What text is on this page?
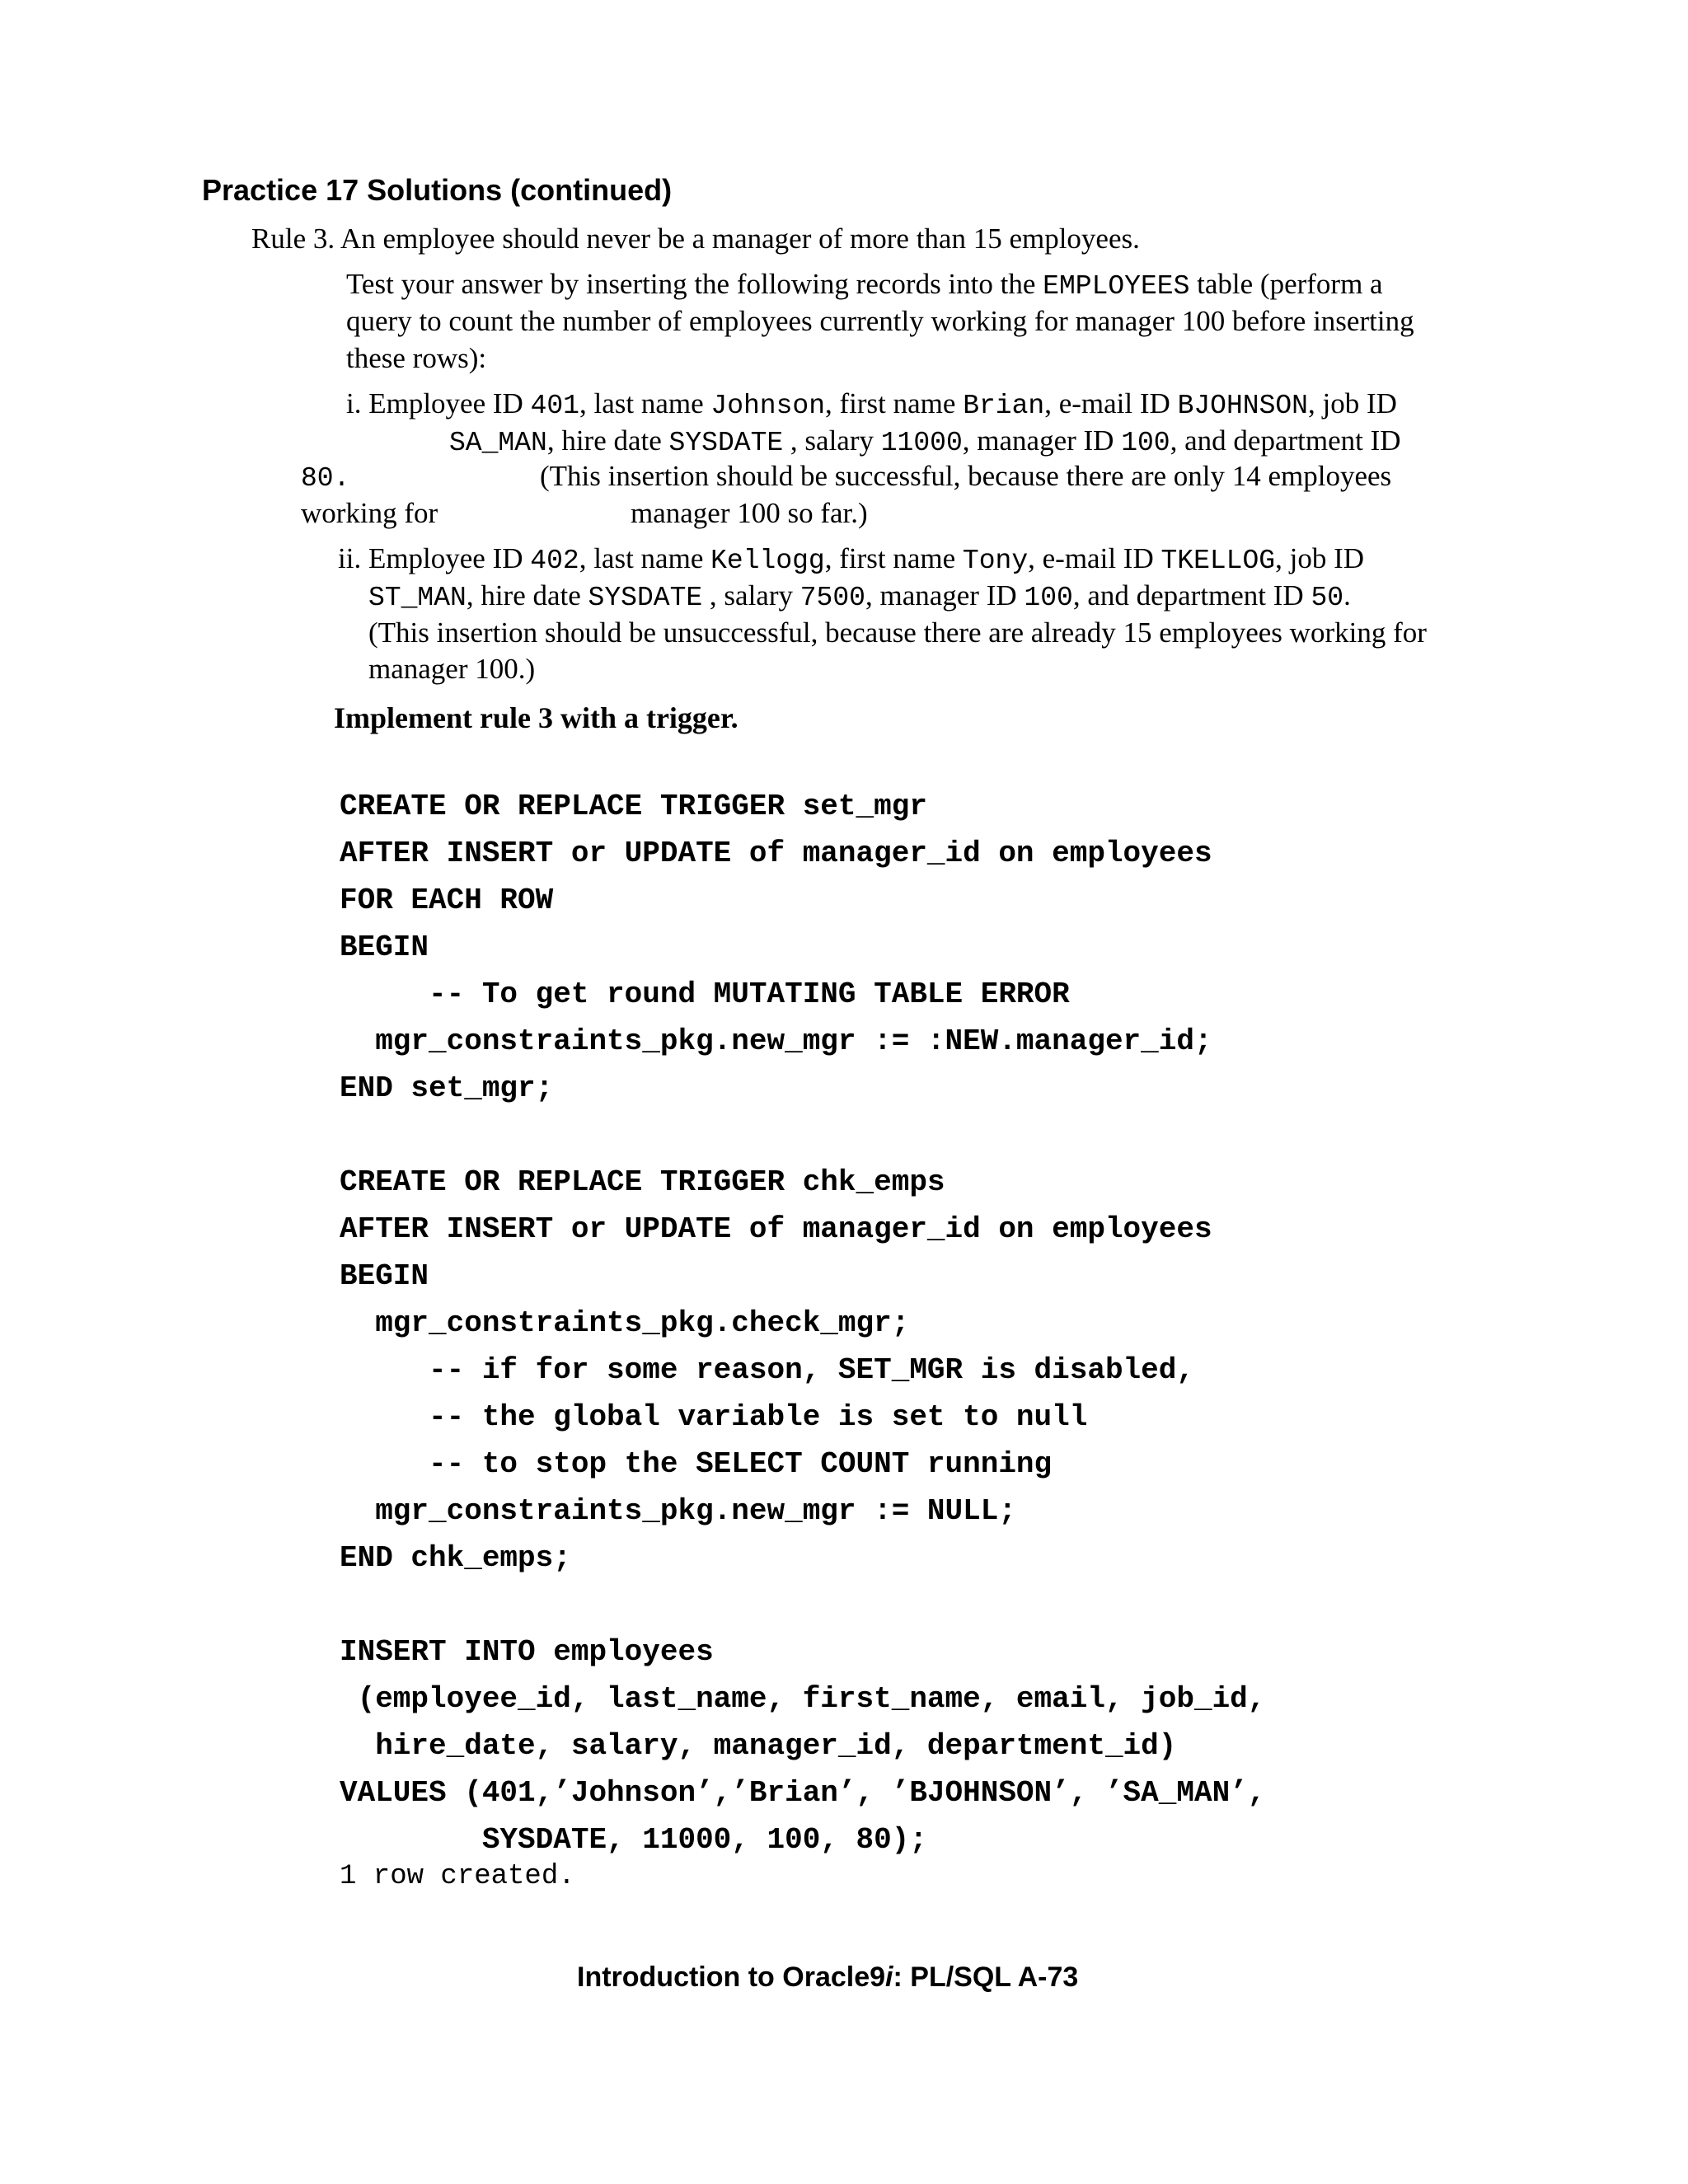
Practice 17 Solutions (continued)
Rule 3. An employee should never be a manager of more than 15 employees.
Test your answer by inserting the following records into the EMPLOYEES table (perform a
query to count the number of employees currently working for manager 100 before inserting
these rows):
i. Employee ID 401, last name Johnson, first name Brian, e-mail ID BJOHNSON, job ID
SA_MAN, hire date SYSDATE , salary 11000, manager ID 100, and department ID
80.	(This insertion should be successful, because there are only 14 employees
working for	manager 100 so far.)
ii. Employee ID 402, last name Kellogg, first name Tony, e-mail ID TKELLOG, job ID
ST_MAN, hire date SYSDATE , salary 7500, manager ID 100, and department ID 50.
(This insertion should be unsuccessful, because there are already 15 employees working for
manager 100.)
Implement rule 3 with a trigger.
CREATE OR REPLACE TRIGGER set_mgr
AFTER INSERT or UPDATE of manager_id on employees
FOR EACH ROW
BEGIN
-- To get round MUTATING TABLE ERROR
mgr_constraints_pkg.new_mgr := :NEW.manager_id;
END set_mgr;
CREATE OR REPLACE TRIGGER chk_emps
AFTER INSERT or UPDATE of manager_id on employees
BEGIN
mgr_constraints_pkg.check_mgr;
-- if for some reason, SET_MGR is disabled,
-- the global variable is set to null
-- to stop the SELECT COUNT running
mgr_constraints_pkg.new_mgr := NULL;
END chk_emps;
INSERT INTO employees
(employee_id, last_name, first_name, email, job_id,
hire_date, salary, manager_id, department_id)
VALUES (401,’Johnson’,’Brian’, ’BJOHNSON’, ’SA_MAN’,
SYSDATE, 11000, 100, 80);
1 row created.
Introduction to Oracle9i: PL/SQL A-73
